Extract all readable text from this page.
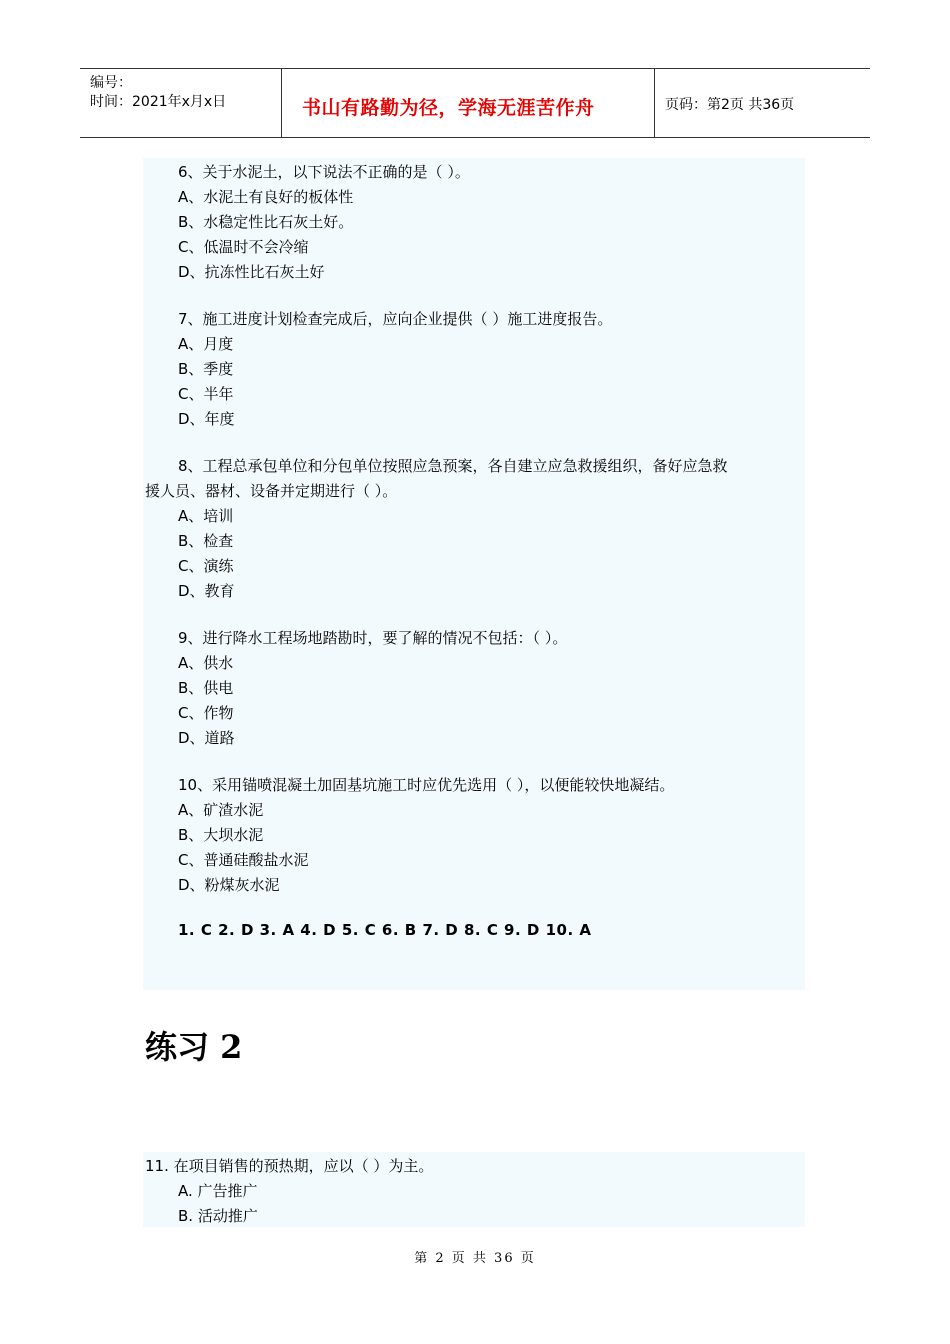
编号：
时间：2021年x月x日	书山有路勤为径，学海无涯苦作舟	页码：第2页 共36页
6、关于水泥土，以下说法不正确的是（ ）。
A、水泥土有良好的板体性
B、水稳定性比石灰土好。
C、低温时不会冷缩
D、抗冻性比石灰土好
7、施工进度计划检查完成后，应向企业提供（ ）施工进度报告。
A、月度
B、季度
C、半年
D、年度
8、工程总承包单位和分包单位按照应急预案，各自建立应急救援组织，备好应急救
援人员、器材、设备并定期进行（ ）。
A、培训
B、检查
C、演练
D、教育
9、进行降水工程场地踏勘时，要了解的情况不包括：（ ）。
A、供水
B、供电
C、作物
D、道路
10、采用锚喷混凝土加固基坑施工时应优先选用（ ），以便能较快地凝结。
A、矿渣水泥
B、大坝水泥
C、普通硅酸盐水泥
D、粉煤灰水泥
1. C 2. D 3. A 4. D 5. C 6. B 7. D 8. C 9. D 10. A
练习 2
11. 在项目销售的预热期，应以（ ）为主。
A. 广告推广
B. 活动推广
第 2 页 共 36 页
